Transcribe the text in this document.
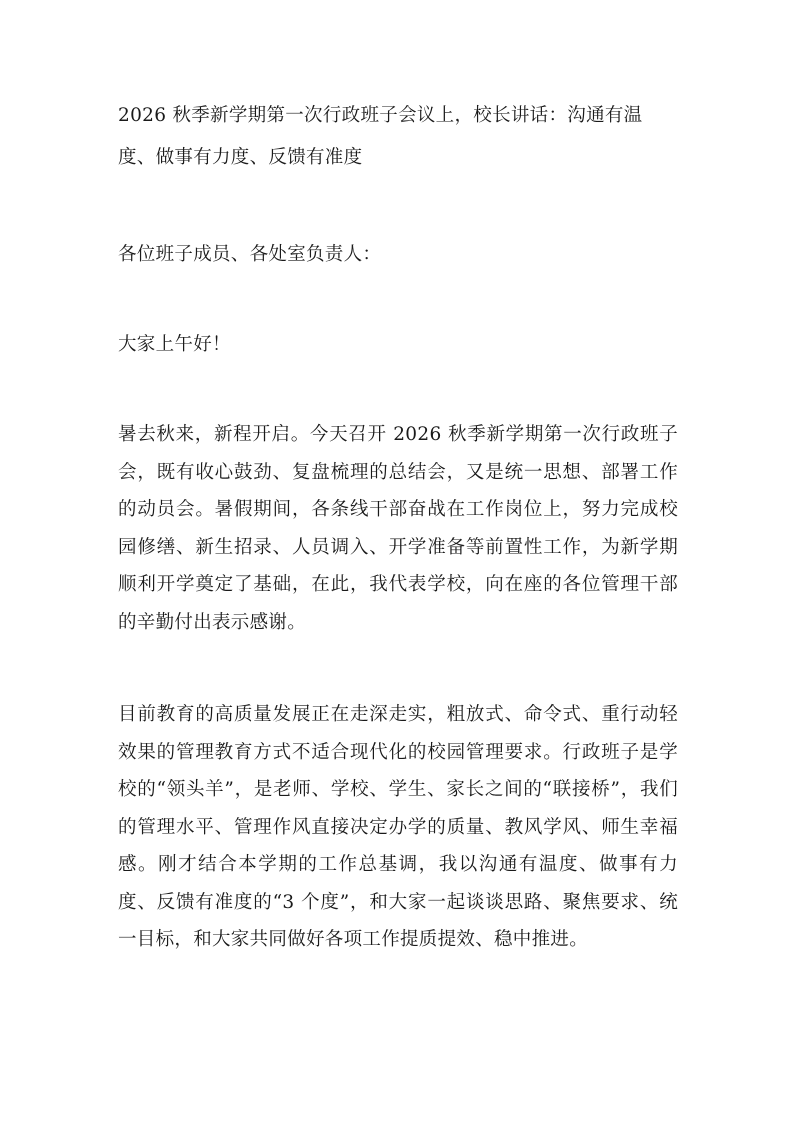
2026 秋季新学期第一次行政班子会议上，校长讲话：沟通有温度、做事有力度、反馈有准度

各位班子成员、各处室负责人：

大家上午好！

暑去秋来，新程开启。今天召开 2026 秋季新学期第一次行政班子会，既有收心鼓劲、复盘梳理的总结会，又是统一思想、部署工作的动员会。暑假期间，各条线干部奋战在工作岗位上，努力完成校园修缮、新生招录、人员调入、开学准备等前置性工作，为新学期顺利开学奠定了基础，在此，我代表学校，向在座的各位管理干部的辛勤付出表示感谢。

目前教育的高质量发展正在走深走实，粗放式、命令式、重行动轻效果的管理教育方式不适合现代化的校园管理要求。行政班子是学校的“领头羊”，是老师、学校、学生、家长之间的“联接桥”，我们的管理水平、管理作风直接决定办学的质量、教风学风、师生幸福感。刚才结合本学期的工作总基调，我以沟通有温度、做事有力度、反馈有准度的“3 个度”，和大家一起谈谈思路、聚焦要求、统一目标，和大家共同做好各项工作提质提效、稳中推进。
